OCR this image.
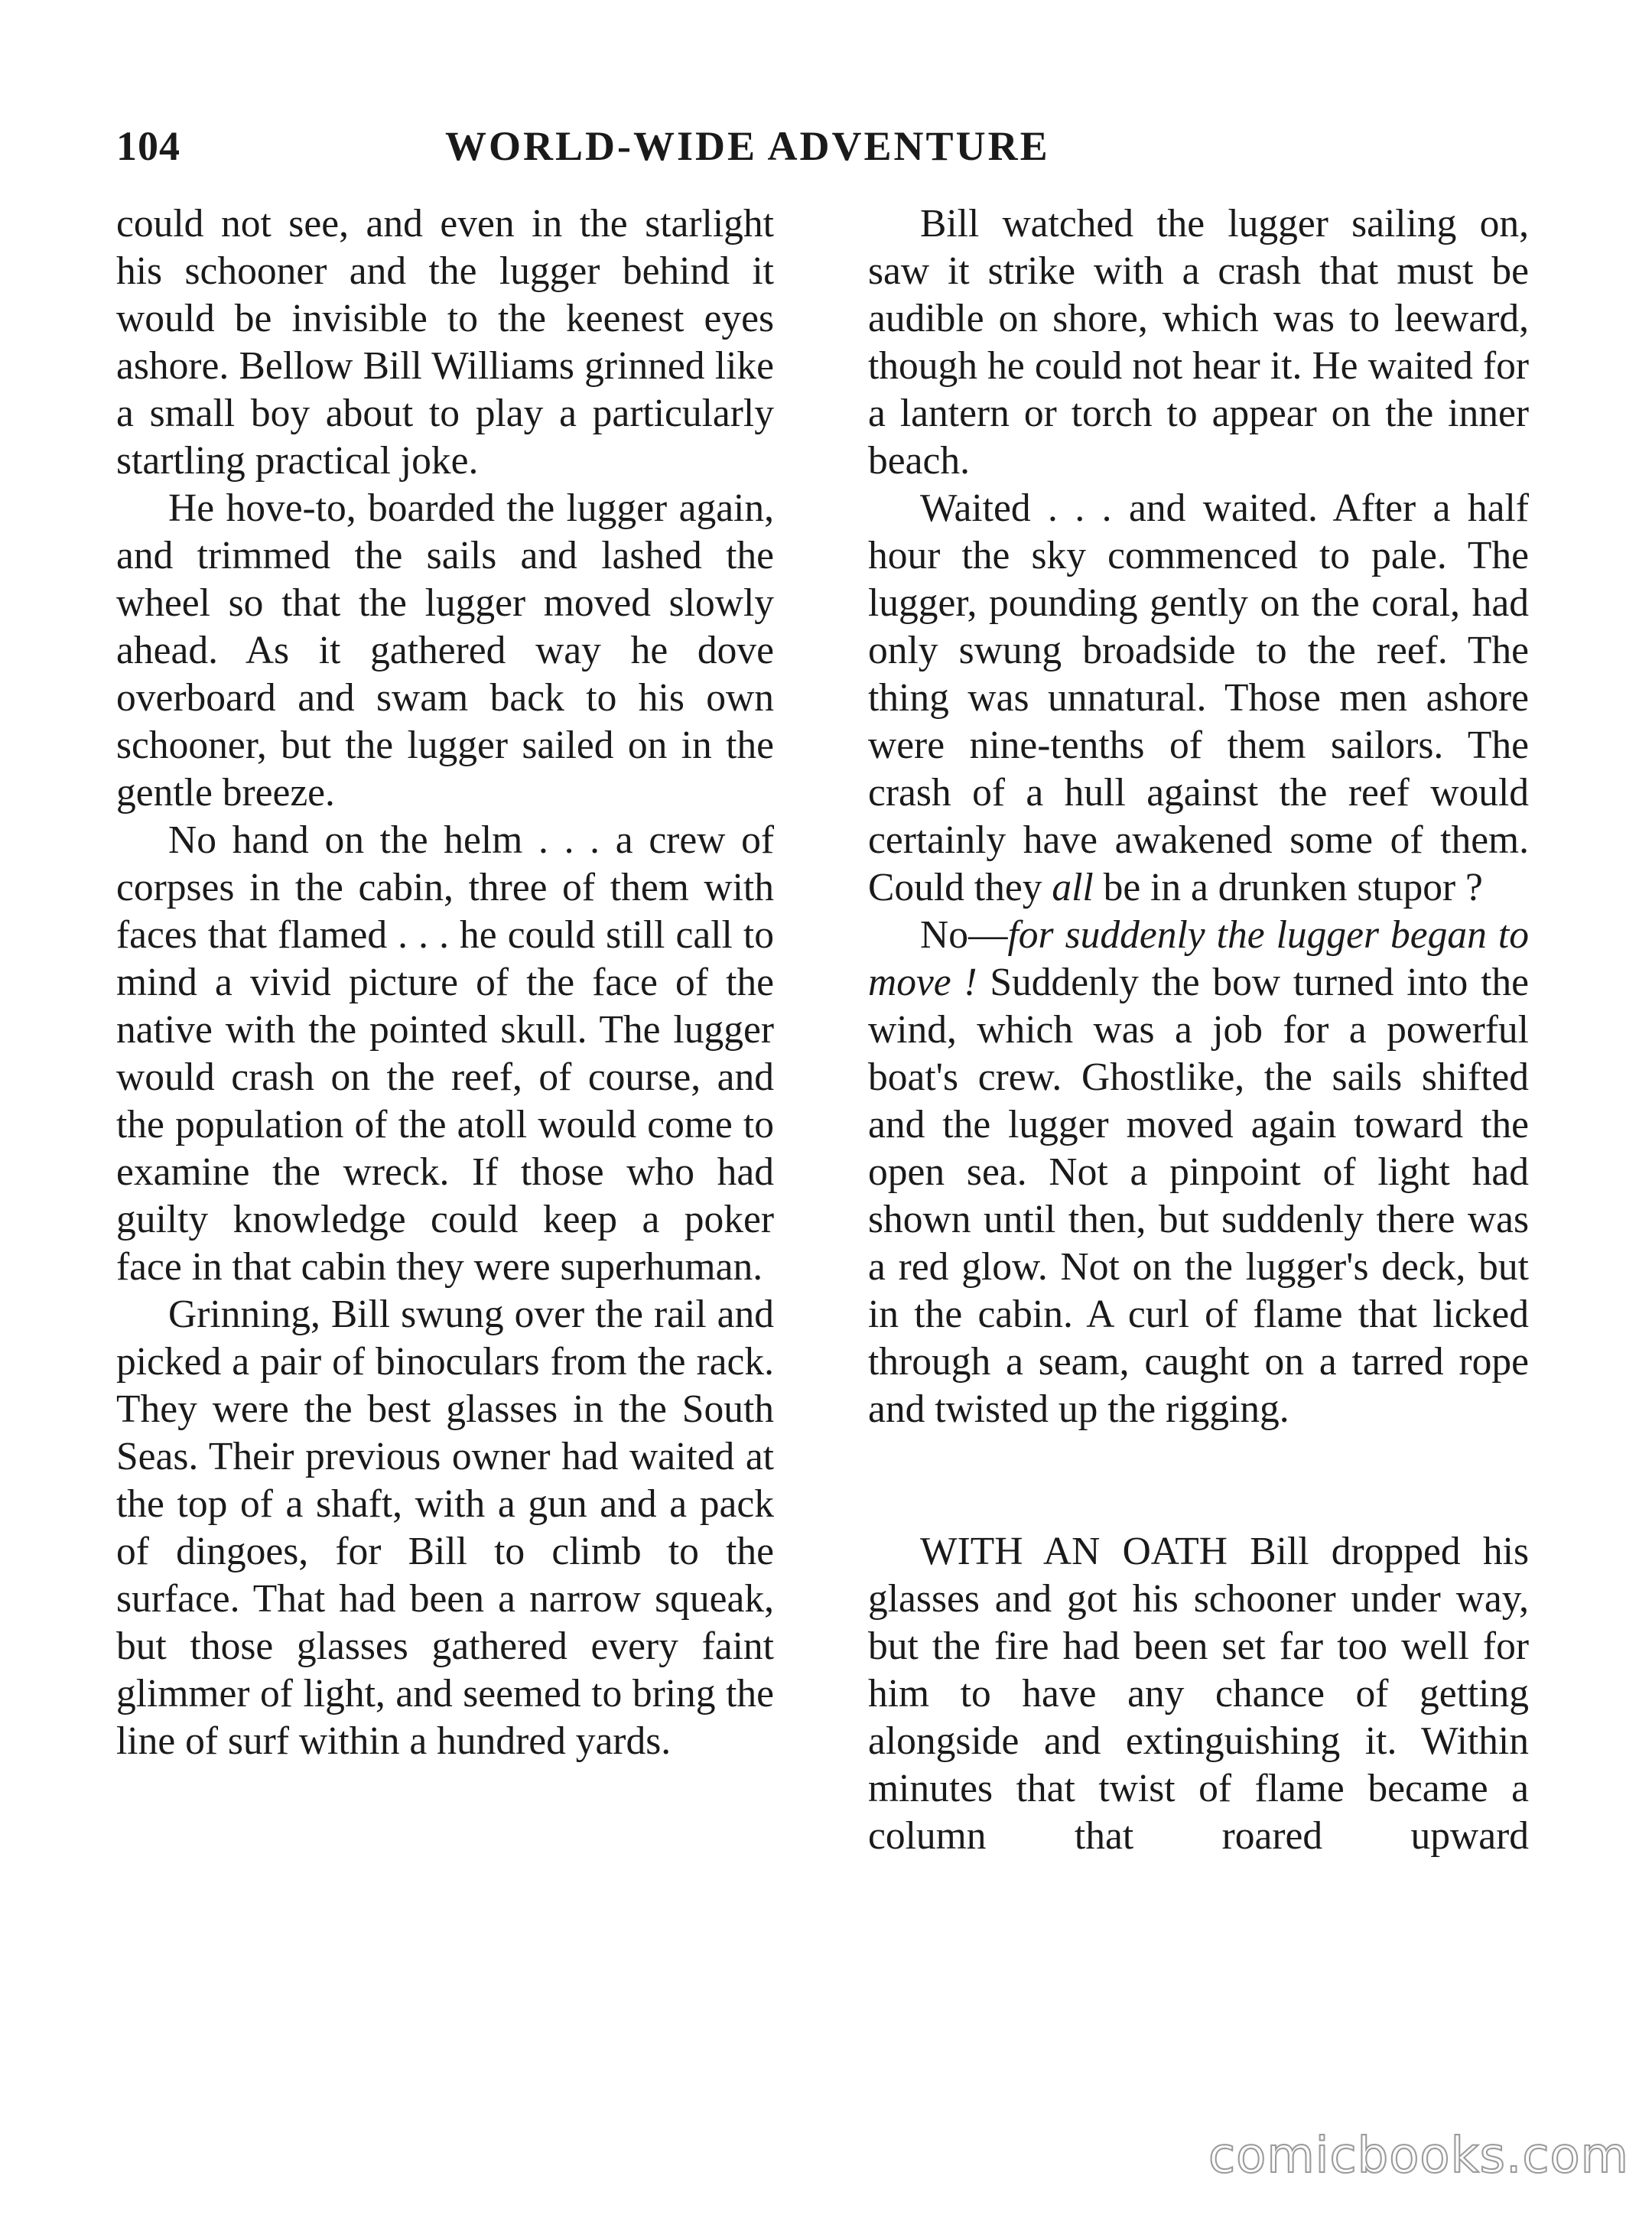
104	WORLD-WIDE ADVENTURE

could not see, and even in the starlight his schooner and the lugger behind it would be invisible to the keenest eyes ashore. Bellow Bill Williams grinned like a small boy about to play a particularly startling practical joke.

He hove-to, boarded the lugger again, and trimmed the sails and lashed the wheel so that the lugger moved slowly ahead. As it gathered way he dove overboard and swam back to his own schooner, but the lugger sailed on in the gentle breeze.

No hand on the helm . . . a crew of corpses in the cabin, three of them with faces that flamed . . . he could still call to mind a vivid picture of the face of the native with the pointed skull. The lugger would crash on the reef, of course, and the population of the atoll would come to examine the wreck. If those who had guilty knowledge could keep a poker face in that cabin they were superhuman.

Grinning, Bill swung over the rail and picked a pair of binoculars from the rack. They were the best glasses in the South Seas. Their previous owner had waited at the top of a shaft, with a gun and a pack of dingoes, for Bill to climb to the surface. That had been a narrow squeak, but those glasses gathered every faint glimmer of light, and seemed to bring the line of surf within a hundred yards.

Bill watched the lugger sailing on, saw it strike with a crash that must be audible on shore, which was to leeward, though he could not hear it. He waited for a lantern or torch to appear on the inner beach.

Waited . . . and waited. After a half hour the sky commenced to pale. The lugger, pounding gently on the coral, had only swung broadside to the reef. The thing was unnatural. Those men ashore were nine-tenths of them sailors. The crash of a hull against the reef would certainly have awakened some of them. Could they all be in a drunken stupor ?

No—for suddenly the lugger began to move ! Suddenly the bow turned into the wind, which was a job for a powerful boat's crew. Ghostlike, the sails shifted and the lugger moved again toward the open sea. Not a pinpoint of light had shown until then, but suddenly there was a red glow. Not on the lugger's deck, but in the cabin. A curl of flame that licked through a seam, caught on a tarred rope and twisted up the rigging.

WITH AN OATH Bill dropped his glasses and got his schooner under way, but the fire had been set far too well for him to have any chance of getting alongside and extinguishing it. Within minutes that twist of flame became a column that roared upward

comicbooks.com
